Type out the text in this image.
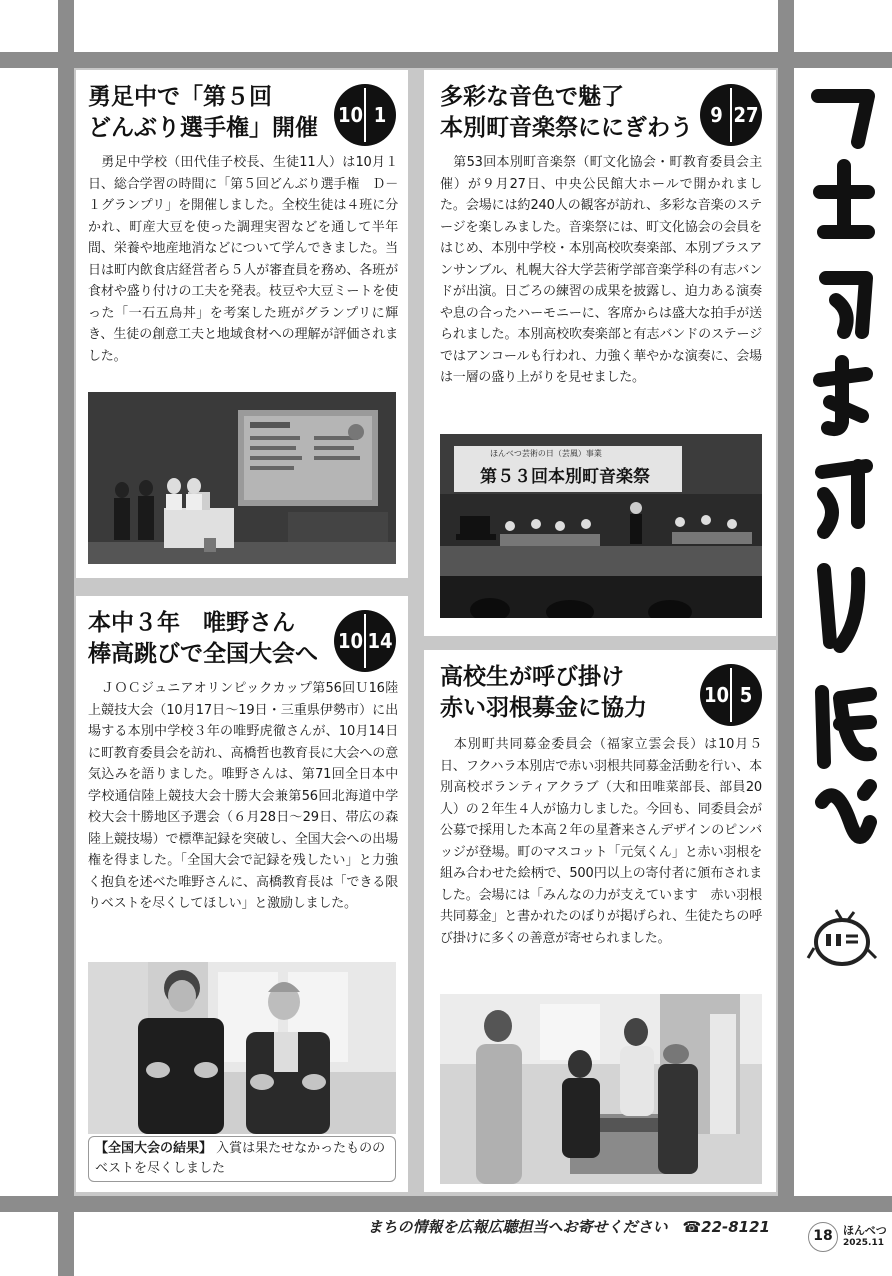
勇足中で「第５回
どんぶり選手権」開催 10 1
　勇足中学校（田代佳子校長、生徒11人）は10月１日、総合学習の時間に「第５回どんぶり選手権　Ｄ－１グランプリ」を開催しました。全校生徒は４班に分かれ、町産大豆を使った調理実習などを通して半年間、栄養や地産地消などについて学んできました。当日は町内飲食店経営者ら５人が審査員を務め、各班が食材や盛り付けの工夫を発表。枝豆や大豆ミートを使った「一石五鳥丼」を考案した班がグランプリに輝き、生徒の創意工夫と地域食材への理解が評価されました。
多彩な音色で魅了
本別町音楽祭ににぎわう 9 27
　第53回本別町音楽祭（町文化協会・町教育委員会主催）が９月27日、中央公民館大ホールで開かれました。会場には約240人の観客が訪れ、多彩な音楽のステージを楽しみました。音楽祭には、町文化協会の会員をはじめ、本別中学校・本別高校吹奏楽部、本別ブラスアンサンブル、札幌大谷大学芸術学部音楽学科の有志バンドが出演。日ごろの練習の成果を披露し、迫力ある演奏や息の合ったハーモニーに、客席からは盛大な拍手が送られました。本別高校吹奏楽部と有志バンドのステージではアンコールも行われ、力強く華やかな演奏に、会場は一層の盛り上がりを見せました。
ほんべつ芸術の日（芸風）事業
第５３回本別町音楽祭
本中３年　唯野さん
棒高跳びで全国大会へ 10 14
　ＪＯＣジュニアオリンピックカップ第56回Ｕ16陸上競技大会（10月17日〜19日・三重県伊勢市）に出場する本別中学校３年の唯野虎徹さんが、10月14日に町教育委員会を訪れ、高橋哲也教育長に大会への意気込みを語りました。唯野さんは、第71回全日本中学校通信陸上競技大会十勝大会兼第56回北海道中学校大会十勝地区予選会（６月28日〜29日、帯広の森陸上競技場）で標準記録を突破し、全国大会への出場権を得ました。「全国大会で記録を残したい」と力強く抱負を述べた唯野さんに、高橋教育長は「できる限りベストを尽くしてほしい」と激励しました。
【全国大会の結果】 入賞は果たせなかったもののベストを尽くしました
高校生が呼び掛け
赤い羽根募金に協力	10 5
　本別町共同募金委員会（福家立雲会長）は10月５日、フクハラ本別店で赤い羽根共同募金活動を行い、本別高校ボランティアクラブ（大和田唯菜部長、部員20人）の２年生４人が協力しました。今回も、同委員会が公募で採用した本高２年の星蒼来さんデザインのピンバッジが登場。町のマスコット「元気くん」と赤い羽根を組み合わせた絵柄で、500円以上の寄付者に頒布されました。会場には「みんなの力が支えています　赤い羽根共同募金」と書かれたのぼりが掲げられ、生徒たちの呼び掛けに多くの善意が寄せられました。
まちの情報を広報広聴担当へお寄せください　☎22-8121	18 ほんべつ
2025.11
